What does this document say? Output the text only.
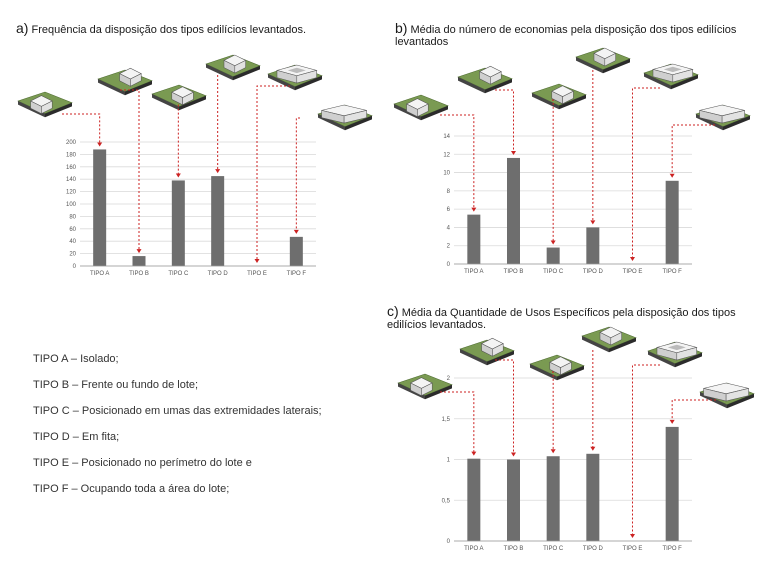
a) Frequência da disposição dos tipos edilícios levantados.	b) Média do número de economias pela disposição dos tipos edilícios levantados
c) Média da Quantidade de Usos Específicos pela disposição dos tipos edilícios levantados.
TIPO A – Isolado;
TIPO B – Frente ou fundo de lote;
TIPO C – Posicionado em umas das extremidades laterais;
TIPO D – Em fita;
TIPO E – Posicionado no perímetro do lote e
TIPO F – Ocupando toda a área do lote;
0
20
40
60
80
100
120
140
160
180
200
TIPO A	TIPO B	TIPO C	TIPO D	TIPO E	TIPO F
0
2
4
6
8
10
12
14
TIPO A	TIPO B	TIPO C	TIPO D	TIPO E	TIPO F
0
0,5
1
1,5
2
TIPO A	TIPO B	TIPO C	TIPO D	TIPO E	TIPO F
